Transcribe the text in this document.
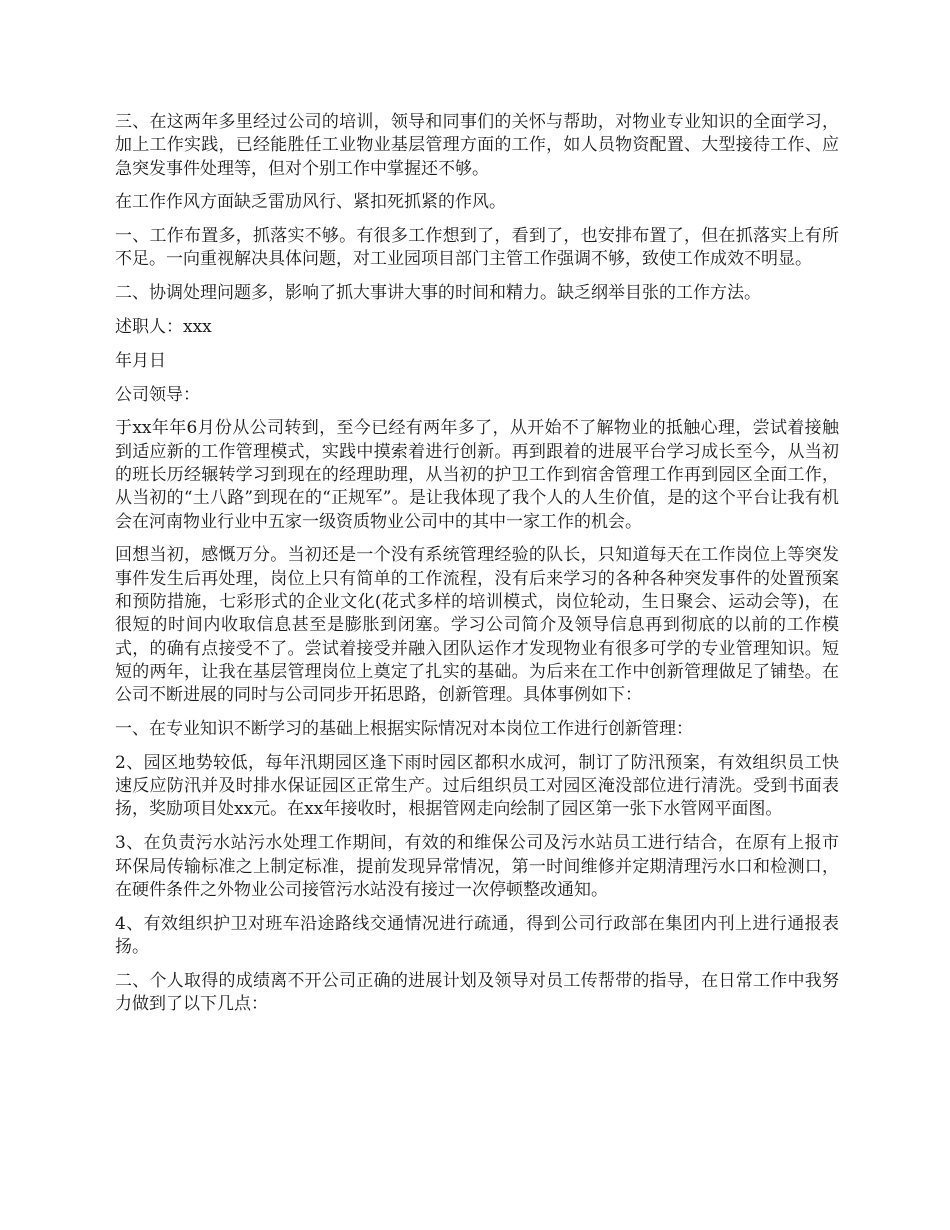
三、在这两年多里经过公司的培训，领导和同事们的关怀与帮助，对物业专业知识的全面学习，加上工作实践，已经能胜任工业物业基层管理方面的工作，如人员物资配置、大型接待工作、应急突发事件处理等，但对个别工作中掌握还不够。

在工作作风方面缺乏雷劢风行、紧扣死抓紧的作风。

一、工作布置多，抓落实不够。有很多工作想到了，看到了，也安排布置了，但在抓落实上有所不足。一向重视解决具体问题，对工业园项目部门主管工作强调不够，致使工作成效不明显。

二、协调处理问题多，影响了抓大事讲大事的时间和精力。缺乏纲举目张的工作方法。

述职人：xxx

年月日

公司领导：

于xx年年6月份从公司转到，至今已经有两年多了，从开始不了解物业的抵触心理，尝试着接触到适应新的工作管理模式，实践中摸索着进行创新。再到跟着的进展平台学习成长至今，从当初的班长历经辗转学习到现在的经理助理，从当初的护卫工作到宿舍管理工作再到园区全面工作，从当初的“土八路”到现在的“正规军”。是让我体现了我个人的人生价值，是的这个平台让我有机会在河南物业行业中五家一级资质物业公司中的其中一家工作的机会。

回想当初，感慨万分。当初还是一个没有系统管理经验的队长，只知道每天在工作岗位上等突发事件发生后再处理，岗位上只有简单的工作流程，没有后来学习的各种各种突发事件的处置预案和预防措施，七彩形式的企业文化(花式多样的培训模式，岗位轮动，生日聚会、运动会等)，在很短的时间内收取信息甚至是膨胀到闭塞。学习公司简介及领导信息再到彻底的以前的工作模式，的确有点接受不了。尝试着接受并融入团队运作才发现物业有很多可学的专业管理知识。短短的两年，让我在基层管理岗位上奠定了扎实的基础。为后来在工作中创新管理做足了铺垫。在公司不断进展的同时与公司同步开拓思路，创新管理。具体事例如下：

一、在专业知识不断学习的基础上根据实际情况对本岗位工作进行创新管理：

2、园区地势较低，每年汛期园区逢下雨时园区都积水成河，制订了防汛预案，有效组织员工快速反应防汛并及时排水保证园区正常生产。过后组织员工对园区淹没部位进行清洗。受到书面表扬，奖励项目处xx元。在xx年接收时，根据管网走向绘制了园区第一张下水管网平面图。

3、在负责污水站污水处理工作期间，有效的和维保公司及污水站员工进行结合，在原有上报市环保局传输标准之上制定标准，提前发现异常情况，第一时间维修并定期清理污水口和检测口，在硬件条件之外物业公司接管污水站没有接过一次停顿整改通知。

4、有效组织护卫对班车沿途路线交通情况进行疏通，得到公司行政部在集团内刊上进行通报表扬。

二、个人取得的成绩离不开公司正确的进展计划及领导对员工传帮带的指导，在日常工作中我努力做到了以下几点：
